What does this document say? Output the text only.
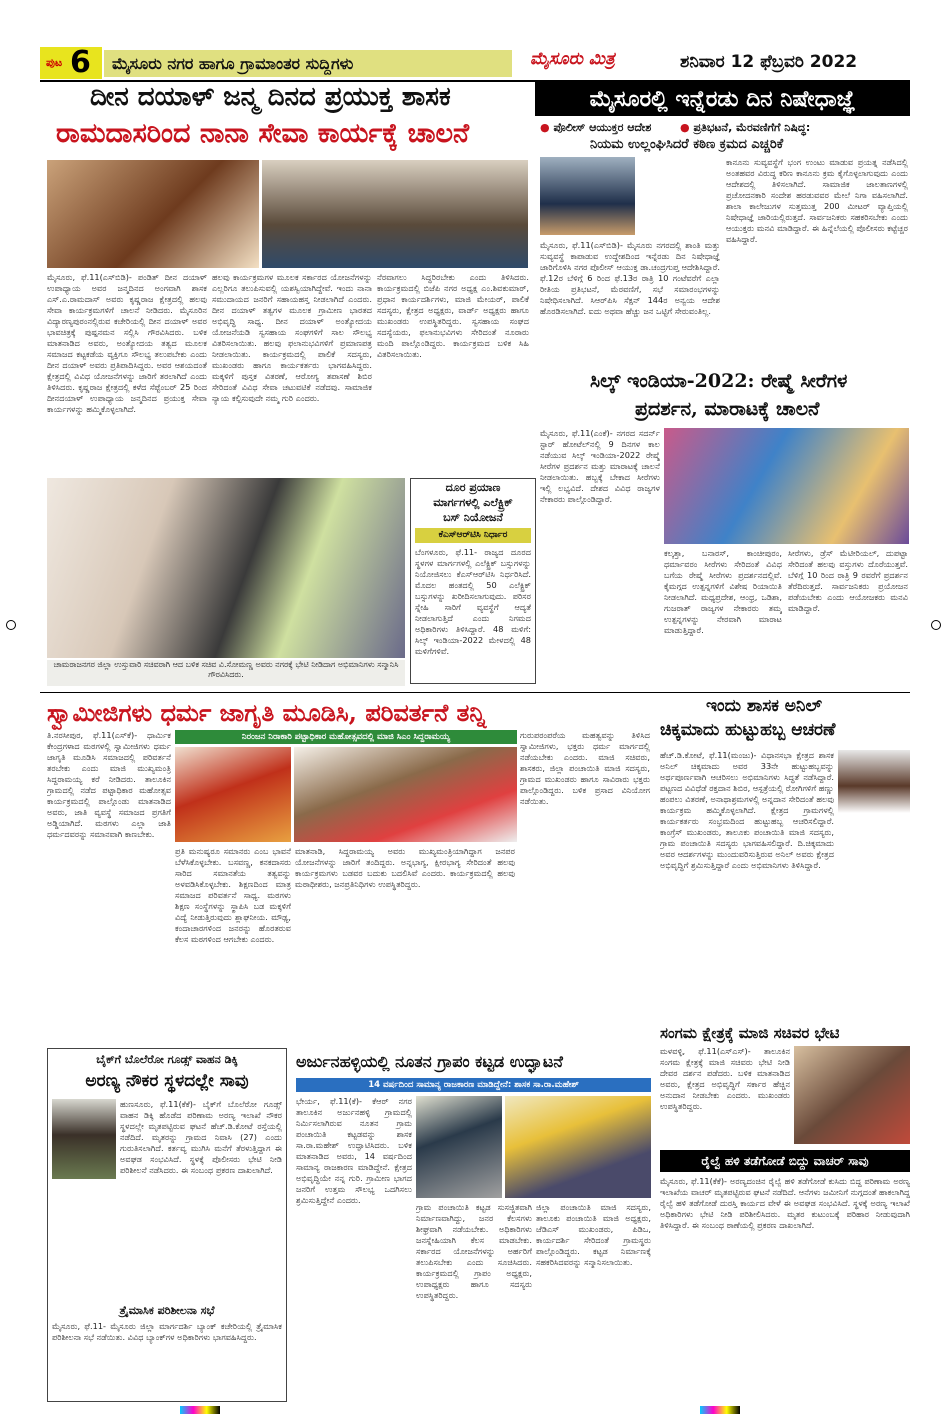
ಪುಟ 6	ಮೈಸೂರು ನಗರ ಹಾಗೂ ಗ್ರಾಮಾಂತರ ಸುದ್ದಿಗಳು	ಮೈಸೂರು ಮಿತ್ರ	ಶನಿವಾರ 12 ಫೆಬ್ರವರಿ 2022
ದೀನ ದಯಾಳ್ ಜನ್ಮ ದಿನದ ಪ್ರಯುಕ್ತ ಶಾಸಕ
ರಾಮದಾಸರಿಂದ ನಾನಾ ಸೇವಾ ಕಾರ್ಯಕ್ಕೆ ಚಾಲನೆ
ಮೈಸೂರು, ಫೆ.11(ಎಸ್‌ಬಿಡಿ)- ಪಂಡಿತ್ ದೀನ ದಯಾಳ್ ಉಪಾಧ್ಯಾಯ ಅವರ ಜನ್ಮದಿನದ ಅಂಗವಾಗಿ ಶಾಸಕ ಎಸ್.ಎ.ರಾಮದಾಸ್ ಅವರು ಕೃಷ್ಣರಾಜ ಕ್ಷೇತ್ರದಲ್ಲಿ ಹಲವು ಸೇವಾ ಕಾರ್ಯಕ್ರಮಗಳಿಗೆ ಚಾಲನೆ ನೀಡಿದರು. ಮೈಸೂರಿನ ವಿದ್ಯಾರಣ್ಯಪುರಂನಲ್ಲಿರುವ ಕಚೇರಿಯಲ್ಲಿ ದೀನ ದಯಾಳ್ ಅವರ ಭಾವಚಿತ್ರಕ್ಕೆ ಪುಷ್ಪನಮನ ಸಲ್ಲಿಸಿ ಗೌರವಿಸಿದರು. ಬಳಿಕ ಮಾತನಾಡಿದ ಅವರು, ಅಂತ್ಯೋದಯ ತತ್ವದ ಮೂಲಕ ಸಮಾಜದ ಕಟ್ಟಕಡೆಯ ವ್ಯಕ್ತಿಗೂ ಸೌಲಭ್ಯ ತಲುಪಬೇಕು ಎಂದು ದೀನ ದಯಾಳ್ ಅವರು ಪ್ರತಿಪಾದಿಸಿದ್ದರು. ಅವರ ಆಶಯದಂತೆ ಕ್ಷೇತ್ರದಲ್ಲಿ ವಿವಿಧ ಯೋಜನೆಗಳನ್ನು ಜಾರಿಗೆ ತರಲಾಗಿದೆ ಎಂದು ತಿಳಿಸಿದರು. ಕೃಷ್ಣರಾಜ ಕ್ಷೇತ್ರದಲ್ಲಿ ಕಳೆದ ಸೆಪ್ಟೆಂಬರ್ 25 ರಿಂದ ದೀನದಯಾಳ್ ಉಪಾಧ್ಯಾಯ ಜನ್ಮದಿನದ ಪ್ರಯುಕ್ತ ಸೇವಾ ಕಾರ್ಯಗಳನ್ನು ಹಮ್ಮಿಕೊಳ್ಳಲಾಗಿದೆ.
ಹಲವು ಕಾರ್ಯಕ್ರಮಗಳ ಮೂಲಕ ಸರ್ಕಾರದ ಯೋಜನೆಗಳನ್ನು ಎಲ್ಲರಿಗೂ ತಲುಪಿಸುವಲ್ಲಿ ಯಶಸ್ವಿಯಾಗಿದ್ದೇವೆ. ಇಂದು ನಾನಾ ಸಮುದಾಯದ ಜನರಿಗೆ ಸಹಾಯಹಸ್ತ ನೀಡಲಾಗಿದೆ ಎಂದರು. ದೀನ ದಯಾಳ್ ತತ್ವಗಳ ಮೂಲಕ ಗ್ರಾಮೀಣ ಭಾರತದ ಅಭಿವೃದ್ಧಿ ಸಾಧ್ಯ. ದೀನ ದಯಾಳ್ ಅಂತ್ಯೋದಯ ಯೋಜನೆಯಡಿ ಸ್ವಸಹಾಯ ಸಂಘಗಳಿಗೆ ಸಾಲ ಸೌಲಭ್ಯ ವಿತರಿಸಲಾಯಿತು. ಹಲವು ಫಲಾನುಭವಿಗಳಿಗೆ ಪ್ರಮಾಣಪತ್ರ ನೀಡಲಾಯಿತು. ಕಾರ್ಯಕ್ರಮದಲ್ಲಿ ಪಾಲಿಕೆ ಸದಸ್ಯರು, ಮುಖಂಡರು ಹಾಗೂ ಕಾರ್ಯಕರ್ತರು ಭಾಗವಹಿಸಿದ್ದರು. ಮಕ್ಕಳಿಗೆ ಪುಸ್ತಕ ವಿತರಣೆ, ಆರೋಗ್ಯ ತಪಾಸಣೆ ಶಿಬಿರ ಸೇರಿದಂತೆ ವಿವಿಧ ಸೇವಾ ಚಟುವಟಿಕೆ ನಡೆದವು. ಸಾಮಾಜಿಕ ನ್ಯಾಯ ಕಲ್ಪಿಸುವುದೇ ನಮ್ಮ ಗುರಿ ಎಂದರು.
ನೆರವಾಗಲು ಸಿದ್ಧರಿರಬೇಕು ಎಂದು ತಿಳಿಸಿದರು. ಕಾರ್ಯಕ್ರಮದಲ್ಲಿ ಬಿಜೆಪಿ ನಗರ ಅಧ್ಯಕ್ಷ ಎಂ.ಶಿವಕುಮಾರ್, ಪ್ರಧಾನ ಕಾರ್ಯದರ್ಶಿಗಳು, ಮಾಜಿ ಮೇಯರ್, ಪಾಲಿಕೆ ಸದಸ್ಯರು, ಕ್ಷೇತ್ರದ ಅಧ್ಯಕ್ಷರು, ವಾರ್ಡ್ ಅಧ್ಯಕ್ಷರು ಹಾಗೂ ಮುಖಂಡರು ಉಪಸ್ಥಿತರಿದ್ದರು. ಸ್ವಸಹಾಯ ಸಂಘದ ಸದಸ್ಯೆಯರು, ಫಲಾನುಭವಿಗಳು ಸೇರಿದಂತೆ ನೂರಾರು ಮಂದಿ ಪಾಲ್ಗೊಂಡಿದ್ದರು. ಕಾರ್ಯಕ್ರಮದ ಬಳಿಕ ಸಿಹಿ ವಿತರಿಸಲಾಯಿತು.
ಮೈಸೂರಲ್ಲಿ ಇನ್ನೆರಡು ದಿನ ನಿಷೇಧಾಜ್ಞೆ
● ಪೊಲೀಸ್ ಆಯುಕ್ತರ ಆದೇಶ	● ಪ್ರತಿಭಟನೆ, ಮೆರವಣಿಗೆಗೆ ನಿಷಿದ್ಧ:
ನಿಯಮ ಉಲ್ಲಂಘಿಸಿದರೆ ಕಠಿಣ ಕ್ರಮದ ಎಚ್ಚರಿಕೆ
ಮೈಸೂರು, ಫೆ.11(ಎಸ್‌ಬಿಡಿ)- ಮೈಸೂರು ನಗರದಲ್ಲಿ ಶಾಂತಿ ಮತ್ತು ಸುವ್ಯವಸ್ಥೆ ಕಾಪಾಡುವ ಉದ್ದೇಶದಿಂದ ಇನ್ನೆರಡು ದಿನ ನಿಷೇಧಾಜ್ಞೆ ಜಾರಿಗೊಳಿಸಿ ನಗರ ಪೊಲೀಸ್ ಆಯುಕ್ತ ಡಾ.ಚಂದ್ರಗುಪ್ತ ಆದೇಶಿಸಿದ್ದಾರೆ. ಫೆ.12ರ ಬೆಳಿಗ್ಗೆ 6 ರಿಂದ ಫೆ.13ರ ರಾತ್ರಿ 10 ಗಂಟೆವರೆಗೆ ಎಲ್ಲಾ ರೀತಿಯ ಪ್ರತಿಭಟನೆ, ಮೆರವಣಿಗೆ, ಸಭೆ ಸಮಾರಂಭಗಳನ್ನು ನಿಷೇಧಿಸಲಾಗಿದೆ. ಸಿಆರ್‌ಪಿಸಿ ಸೆಕ್ಷನ್ 144ರ ಅನ್ವಯ ಆದೇಶ ಹೊರಡಿಸಲಾಗಿದೆ. ಐದು ಅಥವಾ ಹೆಚ್ಚು ಜನ ಒಟ್ಟಿಗೆ ಸೇರುವಂತಿಲ್ಲ.
ಕಾನೂನು ಸುವ್ಯವಸ್ಥೆಗೆ ಭಂಗ ಉಂಟು ಮಾಡುವ ಪ್ರಯತ್ನ ನಡೆಸಿದಲ್ಲಿ ಅಂತಹವರ ವಿರುದ್ಧ ಕಠಿಣ ಕಾನೂನು ಕ್ರಮ ಕೈಗೊಳ್ಳಲಾಗುವುದು ಎಂದು ಆದೇಶದಲ್ಲಿ ತಿಳಿಸಲಾಗಿದೆ. ಸಾಮಾಜಿಕ ಜಾಲತಾಣಗಳಲ್ಲಿ ಪ್ರಚೋದನಕಾರಿ ಸಂದೇಶ ಹರಡುವವರ ಮೇಲೆ ನಿಗಾ ವಹಿಸಲಾಗಿದೆ. ಶಾಲಾ ಕಾಲೇಜುಗಳ ಸುತ್ತಮುತ್ತ 200 ಮೀಟರ್ ವ್ಯಾಪ್ತಿಯಲ್ಲಿ ನಿಷೇಧಾಜ್ಞೆ ಜಾರಿಯಲ್ಲಿರುತ್ತದೆ. ಸಾರ್ವಜನಿಕರು ಸಹಕರಿಸಬೇಕು ಎಂದು ಆಯುಕ್ತರು ಮನವಿ ಮಾಡಿದ್ದಾರೆ. ಈ ಹಿನ್ನೆಲೆಯಲ್ಲಿ ಪೊಲೀಸರು ಕಟ್ಟೆಚ್ಚರ ವಹಿಸಿದ್ದಾರೆ.
ಸಿಲ್ಕ್ ಇಂಡಿಯಾ-2022: ರೇಷ್ಮೆ ಸೀರೆಗಳ
ಪ್ರದರ್ಶನ, ಮಾರಾಟಕ್ಕೆ ಚಾಲನೆ
ಮೈಸೂರು, ಫೆ.11(ಎಂಕೆ)- ನಗರದ ಸದರ್ನ್ ಸ್ಟಾರ್ ಹೋಟೆಲ್‌ನಲ್ಲಿ 9 ದಿನಗಳ ಕಾಲ ನಡೆಯುವ ಸಿಲ್ಕ್ ಇಂಡಿಯಾ-2022 ರೇಷ್ಮೆ ಸೀರೆಗಳ ಪ್ರದರ್ಶನ ಮತ್ತು ಮಾರಾಟಕ್ಕೆ ಚಾಲನೆ ನೀಡಲಾಯಿತು. ಹಬ್ಬಕ್ಕೆ ಬೇಕಾದ ಸೀರೆಗಳು ಇಲ್ಲಿ ಲಭ್ಯವಿದೆ. ದೇಶದ ವಿವಿಧ ರಾಜ್ಯಗಳ ನೇಕಾರರು ಪಾಲ್ಗೊಂಡಿದ್ದಾರೆ.
ಕಲ್ಕತ್ತಾ, ಬನಾರಸ್, ಕಾಂಚೀಪುರಂ, ಧರ್ಮಾವರಂ ಸೀರೆಗಳು ಸೇರಿದಂತೆ ವಿವಿಧ ಬಗೆಯ ರೇಷ್ಮೆ ಸೀರೆಗಳು ಪ್ರದರ್ಶನದಲ್ಲಿವೆ. ಕೈಮಗ್ಗದ ಉತ್ಪನ್ನಗಳಿಗೆ ವಿಶೇಷ ರಿಯಾಯಿತಿ ನೀಡಲಾಗಿದೆ. ಮಧ್ಯಪ್ರದೇಶ, ಆಂಧ್ರ, ಒಡಿಶಾ, ಗುಜರಾತ್ ರಾಜ್ಯಗಳ ನೇಕಾರರು ತಮ್ಮ ಉತ್ಪನ್ನಗಳನ್ನು ನೇರವಾಗಿ ಮಾರಾಟ ಮಾಡುತ್ತಿದ್ದಾರೆ.
ಸೀರೆಗಳು, ಡ್ರೆಸ್ ಮೆಟೀರಿಯಲ್, ದುಪಟ್ಟಾ ಸೇರಿದಂತೆ ಹಲವು ವಸ್ತುಗಳು ದೊರೆಯುತ್ತವೆ. ಬೆಳಿಗ್ಗೆ 10 ರಿಂದ ರಾತ್ರಿ 9 ರವರೆಗೆ ಪ್ರದರ್ಶನ ತೆರೆದಿರುತ್ತದೆ. ಸಾರ್ವಜನಿಕರು ಪ್ರಯೋಜನ ಪಡೆಯಬೇಕು ಎಂದು ಆಯೋಜಕರು ಮನವಿ ಮಾಡಿದ್ದಾರೆ.
ದೂರ ಪ್ರಯಾಣ
ಮಾರ್ಗಗಳಲ್ಲಿ ಎಲೆಕ್ಟ್ರಿಕ್
ಬಸ್ ನಿಯೋಜನೆ
ಕೆಎಸ್‌ಆರ್‌ಟಿಸಿ ನಿರ್ಧಾರ
ಬೆಂಗಳೂರು, ಫೆ.11- ರಾಜ್ಯದ ದೂರದ ಸ್ಥಳಗಳ ಮಾರ್ಗಗಳಲ್ಲಿ ಎಲೆಕ್ಟ್ರಿಕ್ ಬಸ್ಸುಗಳನ್ನು ನಿಯೋಜಿಸಲು ಕೆಎಸ್‌ಆರ್‌ಟಿಸಿ ನಿರ್ಧರಿಸಿದೆ. ಮೊದಲ ಹಂತದಲ್ಲಿ 50 ಎಲೆಕ್ಟ್ರಿಕ್ ಬಸ್ಸುಗಳನ್ನು ಖರೀದಿಸಲಾಗುವುದು. ಪರಿಸರ ಸ್ನೇಹಿ ಸಾರಿಗೆ ವ್ಯವಸ್ಥೆಗೆ ಆದ್ಯತೆ ನೀಡಲಾಗುತ್ತಿದೆ ಎಂದು ನಿಗಮದ ಅಧಿಕಾರಿಗಳು ತಿಳಿಸಿದ್ದಾರೆ. 48 ಮಳಿಗೆ: ಸಿಲ್ಕ್ ಇಂಡಿಯಾ-2022 ಮೇಳದಲ್ಲಿ 48 ಮಳಿಗೆಗಳಿವೆ.
ಚಾಮರಾಜನಗರ ಜಿಲ್ಲಾ ಉಸ್ತುವಾರಿ ಸಚಿವರಾಗಿ ಆದ ಬಳಿಕ ಸಚಿವ ವಿ.ಸೋಮಣ್ಣ ಅವರು ನಗರಕ್ಕೆ ಭೇಟಿ ನೀಡಿದಾಗ ಅಭಿಮಾನಿಗಳು ಸನ್ಮಾನಿಸಿ ಗೌರವಿಸಿದರು.
ಸ್ವಾಮೀಜಿಗಳು ಧರ್ಮ ಜಾಗೃತಿ ಮೂಡಿಸಿ, ಪರಿವರ್ತನೆ ತನ್ನಿ
ನಿರಂಜನ ನಿರಾಕಾರಿ ಪಟ್ಟಾಧಿಕಾರ ಮಹೋತ್ಸವದಲ್ಲಿ ಮಾಜಿ ಸಿಎಂ ಸಿದ್ದರಾಮಯ್ಯ
ತಿ.ನರಸೀಪುರ, ಫೆ.11(ಎಸ್‌ಕೆ)- ಧಾರ್ಮಿಕ ಕೇಂದ್ರಗಳಾದ ಮಠಗಳಲ್ಲಿ ಸ್ವಾಮೀಜಿಗಳು ಧರ್ಮ ಜಾಗೃತಿ ಮೂಡಿಸಿ ಸಮಾಜದಲ್ಲಿ ಪರಿವರ್ತನೆ ತರಬೇಕು ಎಂದು ಮಾಜಿ ಮುಖ್ಯಮಂತ್ರಿ ಸಿದ್ದರಾಮಯ್ಯ ಕರೆ ನೀಡಿದರು. ತಾಲೂಕಿನ ಗ್ರಾಮದಲ್ಲಿ ನಡೆದ ಪಟ್ಟಾಧಿಕಾರ ಮಹೋತ್ಸವ ಕಾರ್ಯಕ್ರಮದಲ್ಲಿ ಪಾಲ್ಗೊಂಡು ಮಾತನಾಡಿದ ಅವರು, ಜಾತಿ ವ್ಯವಸ್ಥೆ ಸಮಾಜದ ಪ್ರಗತಿಗೆ ಅಡ್ಡಿಯಾಗಿದೆ. ಮಠಗಳು ಎಲ್ಲಾ ಜಾತಿ ಧರ್ಮದವರನ್ನು ಸಮಾನವಾಗಿ ಕಾಣಬೇಕು.
ಪ್ರತಿ ಮನುಷ್ಯರೂ ಸಮಾನರು ಎಂಬ ಭಾವನೆ ಬೆಳೆಸಿಕೊಳ್ಳಬೇಕು. ಬಸವಣ್ಣ, ಕನಕದಾಸರು ಸಾರಿದ ಸಮಾನತೆಯ ತತ್ವವನ್ನು ಅಳವಡಿಸಿಕೊಳ್ಳಬೇಕು. ಶಿಕ್ಷಣದಿಂದ ಮಾತ್ರ ಸಮಾಜದ ಪರಿವರ್ತನೆ ಸಾಧ್ಯ. ಮಠಗಳು ಶಿಕ್ಷಣ ಸಂಸ್ಥೆಗಳನ್ನು ಸ್ಥಾಪಿಸಿ ಬಡ ಮಕ್ಕಳಿಗೆ ವಿದ್ಯೆ ನೀಡುತ್ತಿರುವುದು ಶ್ಲಾಘನೀಯ. ಮೌಢ್ಯ, ಕಂದಾಚಾರಗಳಿಂದ ಜನರನ್ನು ಹೊರತರುವ ಕೆಲಸ ಮಠಗಳಿಂದ ಆಗಬೇಕು ಎಂದರು.
ಮಾತನಾಡಿ, ಸಿದ್ದರಾಮಯ್ಯ ಅವರು ಮುಖ್ಯಮಂತ್ರಿಯಾಗಿದ್ದಾಗ ಜನಪರ ಯೋಜನೆಗಳನ್ನು ಜಾರಿಗೆ ತಂದಿದ್ದರು. ಅನ್ನಭಾಗ್ಯ, ಕ್ಷೀರಭಾಗ್ಯ ಸೇರಿದಂತೆ ಹಲವು ಕಾರ್ಯಕ್ರಮಗಳು ಬಡವರ ಬದುಕು ಬದಲಿಸಿವೆ ಎಂದರು. ಕಾರ್ಯಕ್ರಮದಲ್ಲಿ ಹಲವು ಮಠಾಧೀಶರು, ಜನಪ್ರತಿನಿಧಿಗಳು ಉಪಸ್ಥಿತರಿದ್ದರು.
ಗುರುಪರಂಪರೆಯ ಮಹತ್ವವನ್ನು ತಿಳಿಸಿದ ಸ್ವಾಮೀಜಿಗಳು, ಭಕ್ತರು ಧರ್ಮ ಮಾರ್ಗದಲ್ಲಿ ನಡೆಯಬೇಕು ಎಂದರು. ಮಾಜಿ ಸಚಿವರು, ಶಾಸಕರು, ಜಿಲ್ಲಾ ಪಂಚಾಯಿತಿ ಮಾಜಿ ಸದಸ್ಯರು, ಗ್ರಾಮದ ಮುಖಂಡರು ಹಾಗೂ ಸಾವಿರಾರು ಭಕ್ತರು ಪಾಲ್ಗೊಂಡಿದ್ದರು. ಬಳಿಕ ಪ್ರಸಾದ ವಿನಿಯೋಗ ನಡೆಯಿತು.
ಇಂದು ಶಾಸಕ ಅನಿಲ್
ಚಿಕ್ಕಮಾದು ಹುಟ್ಟುಹಬ್ಬ ಆಚರಣೆ
ಹೆಚ್.ಡಿ.ಕೋಟೆ, ಫೆ.11(ಮಂಜು)- ವಿಧಾನಸಭಾ ಕ್ಷೇತ್ರದ ಶಾಸಕ ಅನಿಲ್ ಚಿಕ್ಕಮಾದು ಅವರ 33ನೇ ಹುಟ್ಟುಹಬ್ಬವನ್ನು ಅರ್ಥಪೂರ್ಣವಾಗಿ ಆಚರಿಸಲು ಅಭಿಮಾನಿಗಳು ಸಿದ್ಧತೆ ನಡೆಸಿದ್ದಾರೆ. ಪಟ್ಟಣದ ವಿವಿಧೆಡೆ ರಕ್ತದಾನ ಶಿಬಿರ, ಆಸ್ಪತ್ರೆಯಲ್ಲಿ ರೋಗಿಗಳಿಗೆ ಹಣ್ಣು ಹಂಪಲು ವಿತರಣೆ, ಅನಾಥಾಶ್ರಮಗಳಲ್ಲಿ ಅನ್ನದಾನ ಸೇರಿದಂತೆ ಹಲವು ಕಾರ್ಯಕ್ರಮ ಹಮ್ಮಿಕೊಳ್ಳಲಾಗಿದೆ. ಕ್ಷೇತ್ರದ ಗ್ರಾಮಗಳಲ್ಲಿ ಕಾರ್ಯಕರ್ತರು ಸಂಭ್ರಮದಿಂದ ಹುಟ್ಟುಹಬ್ಬ ಆಚರಿಸಲಿದ್ದಾರೆ. ಕಾಂಗ್ರೆಸ್ ಮುಖಂಡರು, ತಾಲೂಕು ಪಂಚಾಯಿತಿ ಮಾಜಿ ಸದಸ್ಯರು, ಗ್ರಾಮ ಪಂಚಾಯಿತಿ ಸದಸ್ಯರು ಭಾಗವಹಿಸಲಿದ್ದಾರೆ. ದಿ.ಚಿಕ್ಕಮಾದು ಅವರ ಆದರ್ಶಗಳನ್ನು ಮುಂದುವರಿಸುತ್ತಿರುವ ಅನಿಲ್ ಅವರು ಕ್ಷೇತ್ರದ ಅಭಿವೃದ್ಧಿಗೆ ಶ್ರಮಿಸುತ್ತಿದ್ದಾರೆ ಎಂದು ಅಭಿಮಾನಿಗಳು ತಿಳಿಸಿದ್ದಾರೆ.
ಸಂಗಮ ಕ್ಷೇತ್ರಕ್ಕೆ ಮಾಜಿ ಸಚಿವರ ಭೇಟಿ
ಮಳವಳ್ಳಿ, ಫೆ.11(ಎಸ್ಎಸ್)- ತಾಲೂಕಿನ ಸಂಗಮ ಕ್ಷೇತ್ರಕ್ಕೆ ಮಾಜಿ ಸಚಿವರು ಭೇಟಿ ನೀಡಿ ದೇವರ ದರ್ಶನ ಪಡೆದರು. ಬಳಿಕ ಮಾತನಾಡಿದ ಅವರು, ಕ್ಷೇತ್ರದ ಅಭಿವೃದ್ಧಿಗೆ ಸರ್ಕಾರ ಹೆಚ್ಚಿನ ಅನುದಾನ ನೀಡಬೇಕು ಎಂದರು. ಮುಖಂಡರು ಉಪಸ್ಥಿತರಿದ್ದರು.
ರೈಲ್ವೆ ಹಳಿ ತಡೆಗೋಡೆ ಬಿದ್ದು ವಾಚರ್ ಸಾವು
ಮೈಸೂರು, ಫೆ.11(ಕೆಕೆ)- ಅರಣ್ಯದಂಚಿನ ರೈಲ್ವೆ ಹಳಿ ತಡೆಗೋಡೆ ಕುಸಿದು ಬಿದ್ದ ಪರಿಣಾಮ ಅರಣ್ಯ ಇಲಾಖೆಯ ವಾಚರ್ ಮೃತಪಟ್ಟಿರುವ ಘಟನೆ ನಡೆದಿದೆ. ಆನೆಗಳು ಜಮೀನಿಗೆ ನುಗ್ಗದಂತೆ ಹಾಕಲಾಗಿದ್ದ ರೈಲ್ವೆ ಹಳಿ ತಡೆಗೋಡೆ ದುರಸ್ತಿ ಕಾರ್ಯದ ವೇಳೆ ಈ ಅವಘಡ ಸಂಭವಿಸಿದೆ. ಸ್ಥಳಕ್ಕೆ ಅರಣ್ಯ ಇಲಾಖೆ ಅಧಿಕಾರಿಗಳು ಭೇಟಿ ನೀಡಿ ಪರಿಶೀಲಿಸಿದರು. ಮೃತರ ಕುಟುಂಬಕ್ಕೆ ಪರಿಹಾರ ನೀಡುವುದಾಗಿ ತಿಳಿಸಿದ್ದಾರೆ. ಈ ಸಂಬಂಧ ಠಾಣೆಯಲ್ಲಿ ಪ್ರಕರಣ ದಾಖಲಾಗಿದೆ.
ಬೈಕ್‌ಗೆ ಬೊಲೆರೋ ಗೂಡ್ಸ್ ವಾಹನ ಡಿಕ್ಕಿ
ಅರಣ್ಯ ನೌಕರ ಸ್ಥಳದಲ್ಲೇ ಸಾವು
ಹುಣಸೂರು, ಫೆ.11(ಕೆಕೆ)- ಬೈಕ್‌ಗೆ ಬೊಲೆರೋ ಗೂಡ್ಸ್ ವಾಹನ ಡಿಕ್ಕಿ ಹೊಡೆದ ಪರಿಣಾಮ ಅರಣ್ಯ ಇಲಾಖೆ ನೌಕರ ಸ್ಥಳದಲ್ಲೇ ಮೃತಪಟ್ಟಿರುವ ಘಟನೆ ಹೆಚ್.ಡಿ.ಕೋಟೆ ರಸ್ತೆಯಲ್ಲಿ ನಡೆದಿದೆ. ಮೃತರನ್ನು ಗ್ರಾಮದ ನಿವಾಸಿ (27) ಎಂದು ಗುರುತಿಸಲಾಗಿದೆ. ಕರ್ತವ್ಯ ಮುಗಿಸಿ ಮನೆಗೆ ತೆರಳುತ್ತಿದ್ದಾಗ ಈ ಅವಘಡ ಸಂಭವಿಸಿದೆ. ಸ್ಥಳಕ್ಕೆ ಪೊಲೀಸರು ಭೇಟಿ ನೀಡಿ ಪರಿಶೀಲನೆ ನಡೆಸಿದರು. ಈ ಸಂಬಂಧ ಪ್ರಕರಣ ದಾಖಲಾಗಿದೆ.
ತ್ರೈಮಾಸಿಕ ಪರಿಶೀಲನಾ ಸಭೆ
ಮೈಸೂರು, ಫೆ.11- ಮೈಸೂರು ಜಿಲ್ಲಾ ಮಾರ್ಗದರ್ಶಿ ಬ್ಯಾಂಕ್ ಕಚೇರಿಯಲ್ಲಿ ತ್ರೈಮಾಸಿಕ ಪರಿಶೀಲನಾ ಸಭೆ ನಡೆಯಿತು. ವಿವಿಧ ಬ್ಯಾಂಕ್‌ಗಳ ಅಧಿಕಾರಿಗಳು ಭಾಗವಹಿಸಿದ್ದರು.
ಅರ್ಜುನಹಳ್ಳಿಯಲ್ಲಿ ನೂತನ ಗ್ರಾಪಂ ಕಟ್ಟಡ ಉದ್ಘಾಟನೆ
14 ವರ್ಷದಿಂದ ಸಾಮಾನ್ಯ ರಾಜಕಾರಣ ಮಾಡಿದ್ದೇನೆ: ಶಾಸಕ ಸಾ.ರಾ.ಮಹೇಶ್
ಭೇರ್ಯ, ಫೆ.11(ಕೆ)- ಕೆಆರ್ ನಗರ ತಾಲೂಕಿನ ಅರ್ಜುನಹಳ್ಳಿ ಗ್ರಾಮದಲ್ಲಿ ನಿರ್ಮಿಸಲಾಗಿರುವ ನೂತನ ಗ್ರಾಮ ಪಂಚಾಯಿತಿ ಕಟ್ಟಡವನ್ನು ಶಾಸಕ ಸಾ.ರಾ.ಮಹೇಶ್ ಉದ್ಘಾಟಿಸಿದರು. ಬಳಿಕ ಮಾತನಾಡಿದ ಅವರು, 14 ವರ್ಷದಿಂದ ಸಾಮಾನ್ಯ ರಾಜಕಾರಣ ಮಾಡಿದ್ದೇನೆ. ಕ್ಷೇತ್ರದ ಅಭಿವೃದ್ಧಿಯೇ ನನ್ನ ಗುರಿ. ಗ್ರಾಮೀಣ ಭಾಗದ ಜನರಿಗೆ ಉತ್ತಮ ಸೌಲಭ್ಯ ಒದಗಿಸಲು ಶ್ರಮಿಸುತ್ತಿದ್ದೇನೆ ಎಂದರು.
ಗ್ರಾಮ ಪಂಚಾಯಿತಿ ಕಟ್ಟಡ ಸುಸಜ್ಜಿತವಾಗಿ ನಿರ್ಮಾಣವಾಗಿದ್ದು, ಜನರ ಕೆಲಸಗಳು ಶೀಘ್ರವಾಗಿ ನಡೆಯಬೇಕು. ಅಧಿಕಾರಿಗಳು ಜನಸ್ನೇಹಿಯಾಗಿ ಕೆಲಸ ಮಾಡಬೇಕು. ಸರ್ಕಾರದ ಯೋಜನೆಗಳನ್ನು ಅರ್ಹರಿಗೆ ತಲುಪಿಸಬೇಕು ಎಂದು ಸೂಚಿಸಿದರು. ಕಾರ್ಯಕ್ರಮದಲ್ಲಿ ಗ್ರಾಪಂ ಅಧ್ಯಕ್ಷರು, ಉಪಾಧ್ಯಕ್ಷರು ಹಾಗೂ ಸದಸ್ಯರು ಉಪಸ್ಥಿತರಿದ್ದರು.
ಜಿಲ್ಲಾ ಪಂಚಾಯಿತಿ ಮಾಜಿ ಸದಸ್ಯರು, ತಾಲೂಕು ಪಂಚಾಯಿತಿ ಮಾಜಿ ಅಧ್ಯಕ್ಷರು, ಜೆಡಿಎಸ್ ಮುಖಂಡರು, ಪಿಡಿಒ, ಕಾರ್ಯದರ್ಶಿ ಸೇರಿದಂತೆ ಗ್ರಾಮಸ್ಥರು ಪಾಲ್ಗೊಂಡಿದ್ದರು. ಕಟ್ಟಡ ನಿರ್ಮಾಣಕ್ಕೆ ಸಹಕರಿಸಿದವರನ್ನು ಸನ್ಮಾನಿಸಲಾಯಿತು.
